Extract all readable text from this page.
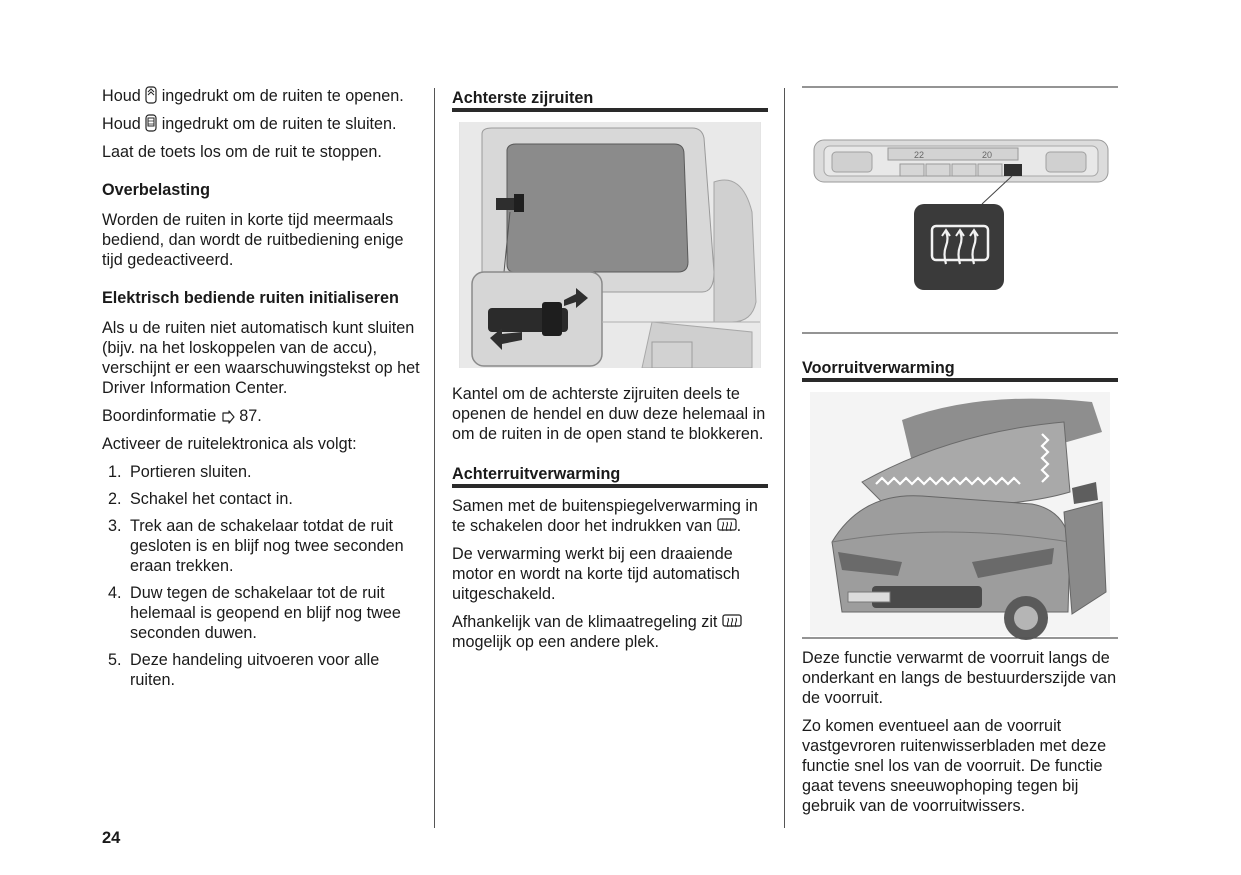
Houd ingedrukt om de ruiten te openen.

Houd ingedrukt om de ruiten te sluiten.

Laat de toets los om de ruit te stoppen.

Overbelasting

Worden de ruiten in korte tijd meermaals bediend, dan wordt de ruitbediening enige tijd gedeactiveerd.

Elektrisch bediende ruiten initialiseren

Als u de ruiten niet automatisch kunt sluiten (bijv. na het loskoppelen van de accu), verschijnt er een waarschuwingstekst op het Driver Information Center.

Boordinformatie 87.

Activeer de ruitelektronica als volgt:

1. Portieren sluiten.
2. Schakel het contact in.
3. Trek aan de schakelaar totdat de ruit gesloten is en blijf nog twee seconden eraan trekken.
4. Duw tegen de schakelaar tot de ruit helemaal is geopend en blijf nog twee seconden duwen.
5. Deze handeling uitvoeren voor alle ruiten.
Achterste zijruiten

Kantel om de achterste zijruiten deels te openen de hendel en duw deze helemaal in om de ruiten in de open stand te blokkeren.

Achterruitverwarming

Samen met de buitenspiegelverwarming in te schakelen door het indrukken van .

De verwarming werkt bij een draaiende motor en wordt na korte tijd automatisch uitgeschakeld.

Afhankelijk van de klimaatregeling zit  mogelijk op een andere plek.

22	20
Voorruitverwarming

Deze functie verwarmt de voorruit langs de onderkant en langs de bestuurderszijde van de voorruit.

Zo komen eventueel aan de voorruit vastgevroren ruitenwisserbladen met deze functie snel los van de voorruit. De functie gaat tevens sneeuwophoping tegen bij gebruik van de voorruitwissers.

24
